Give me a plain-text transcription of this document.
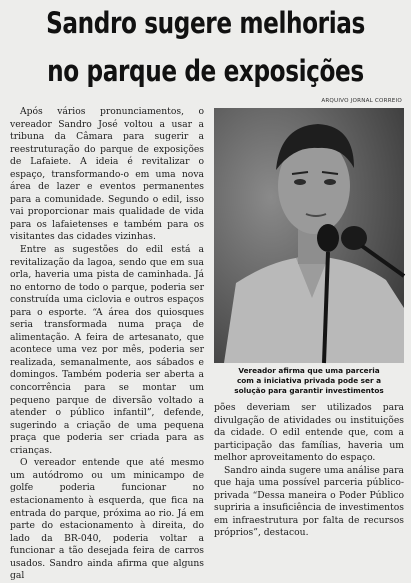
Sandro sugere melhorias
no parque de exposições

Após vários pronunciamentos, o vereador Sandro José voltou a usar a tribuna da Câmara para sugerir a reestruturação do parque de exposições de Lafaiete. A ideia é revitalizar o espaço, transformando-o em uma nova área de lazer e eventos permanentes para a comunidade. Segundo o edil, isso vai proporcionar mais qualidade de vida para os lafaietenses e também para os visitantes das cidades vizinhas.

Entre as sugestões do edil está a revitalização da lagoa, sendo que em sua orla, haveria uma pista de caminhada. Já no entorno de todo o parque, poderia ser construída uma ciclovia e outros espaços para o esporte. “A área dos quiosques seria transformada numa praça de alimentação. A feira de artesanato, que acontece uma vez por mês, poderia ser realizada, semanalmente, aos sábados e domingos. Também poderia ser aberta a concorrência para se montar um pequeno parque de diversão voltado a atender o público infantil”, defende, sugerindo a criação de uma pequena praça que poderia ser criada para as crianças.

O vereador entende que até mesmo um autódromo ou um minicampo de golfe poderia funcionar no estacionamento à esquerda, que fica na entrada do parque, próxima ao rio. Já em parte do estacionamento à direita, do lado da BR-040, poderia voltar a funcionar a tão desejada feira de carros usados. Sandro ainda afirma que alguns gal

ARQUIVO JORNAL CORREIO
Vereador afirma que uma parceria
com a iniciativa privada pode ser a
solução para garantir investimentos

pões deveriam ser utilizados para divulgação de atividades ou instituições da cidade. O edil entende que, com a participação das famílias, haveria um melhor aproveitamento do espaço.

Sandro ainda sugere uma análise para que haja uma possível parceria público-privada “Dessa maneira o Poder Público supriria a insuficiência de investimentos em infraestrutura por falta de recursos próprios”, destacou.
